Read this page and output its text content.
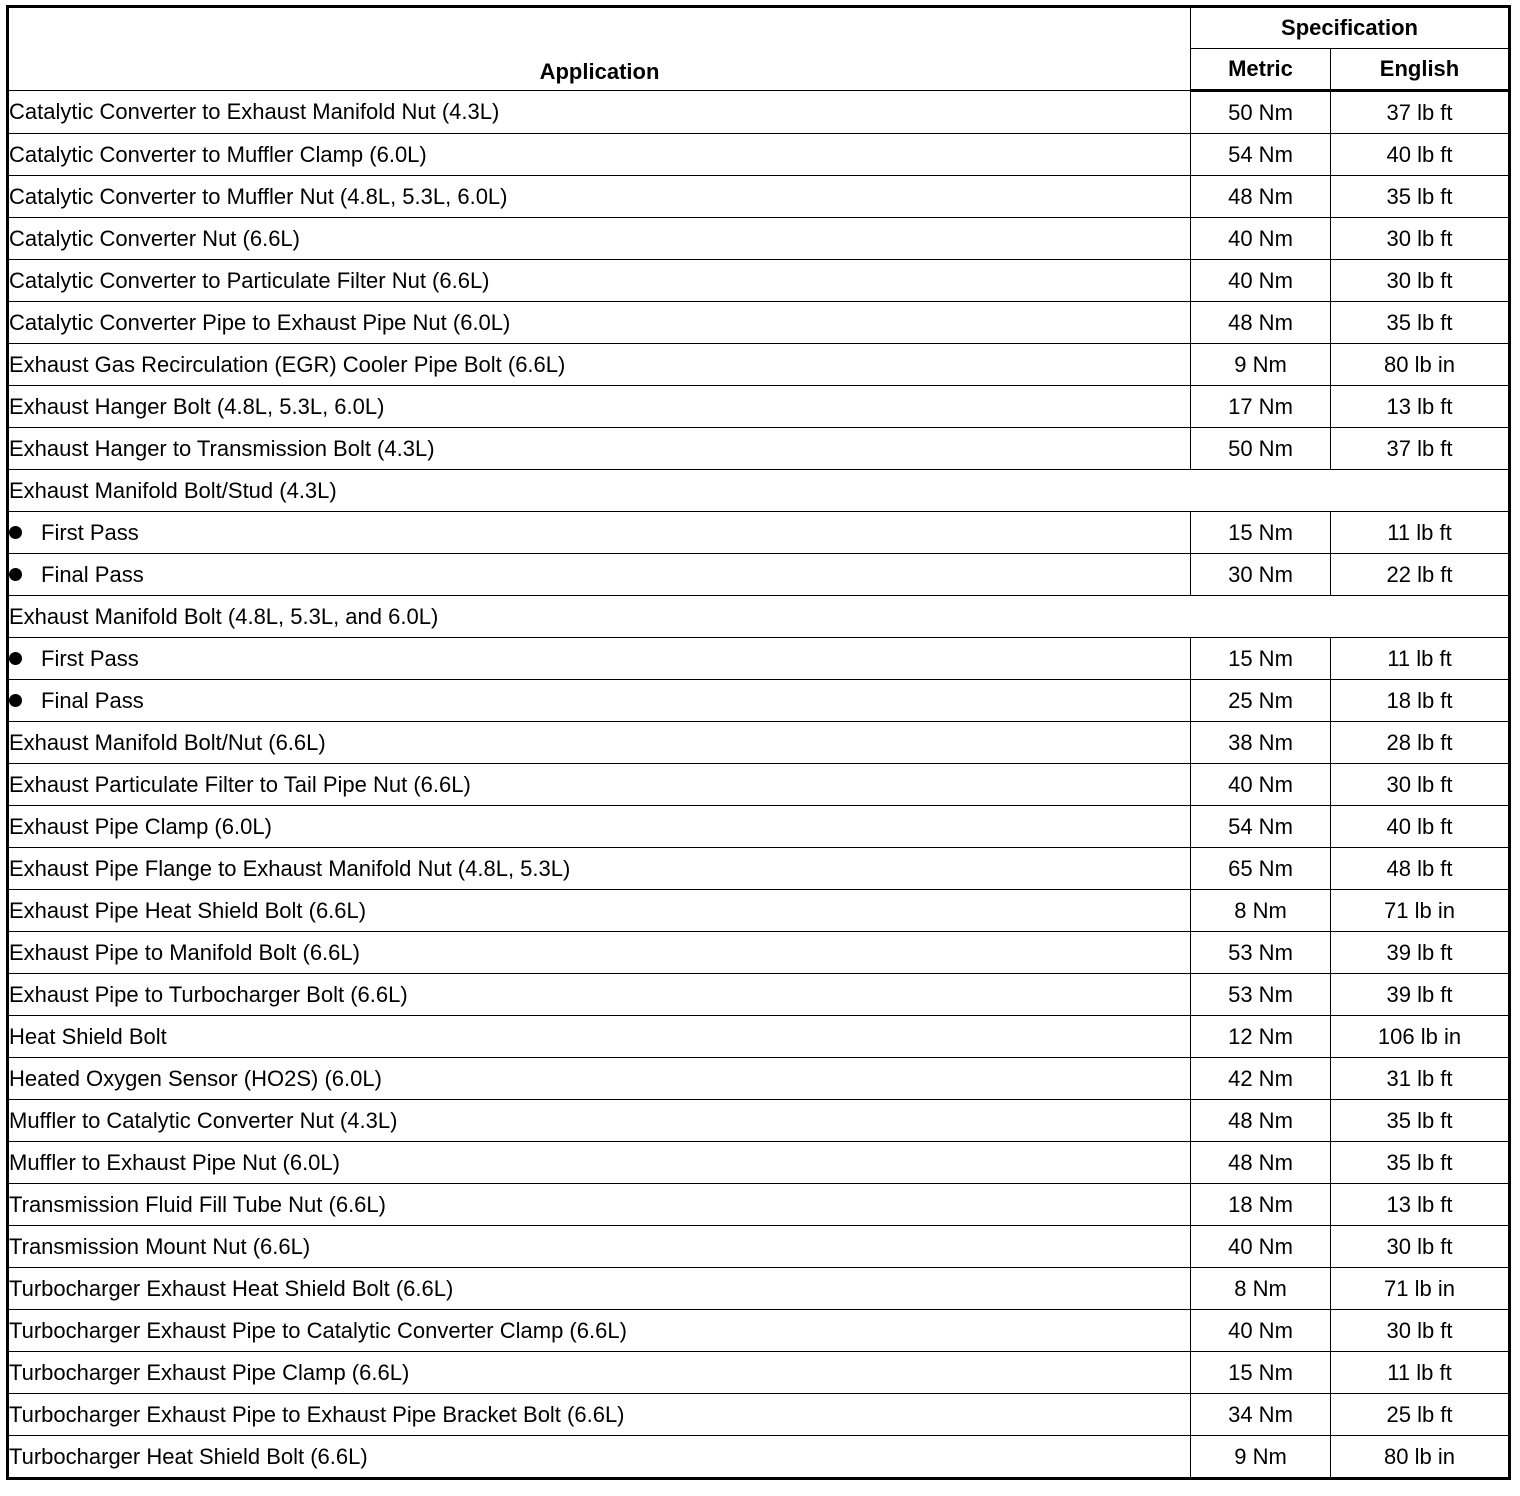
Application	Specification	
	Metric	English
Catalytic Converter to Exhaust Manifold Nut (4.3L)	50 Nm	37 lb ft
Catalytic Converter to Muffler Clamp (6.0L)	54 Nm	40 lb ft
Catalytic Converter to Muffler Nut (4.8L, 5.3L, 6.0L)	48 Nm	35 lb ft
Catalytic Converter Nut (6.6L)	40 Nm	30 lb ft
Catalytic Converter to Particulate Filter Nut (6.6L)	40 Nm	30 lb ft
Catalytic Converter Pipe to Exhaust Pipe Nut (6.0L)	48 Nm	35 lb ft
Exhaust Gas Recirculation (EGR) Cooler Pipe Bolt (6.6L)	9 Nm	80 lb in
Exhaust Hanger Bolt (4.8L, 5.3L, 6.0L)	17 Nm	13 lb ft
Exhaust Hanger to Transmission Bolt (4.3L)	50 Nm	37 lb ft
Exhaust Manifold Bolt/Stud (4.3L)		
First Pass	15 Nm	11 lb ft
Final Pass	30 Nm	22 lb ft
Exhaust Manifold Bolt (4.8L, 5.3L, and 6.0L)		
First Pass	15 Nm	11 lb ft
Final Pass	25 Nm	18 lb ft
Exhaust Manifold Bolt/Nut (6.6L)	38 Nm	28 lb ft
Exhaust Particulate Filter to Tail Pipe Nut (6.6L)	40 Nm	30 lb ft
Exhaust Pipe Clamp (6.0L)	54 Nm	40 lb ft
Exhaust Pipe Flange to Exhaust Manifold Nut (4.8L, 5.3L)	65 Nm	48 lb ft
Exhaust Pipe Heat Shield Bolt (6.6L)	8 Nm	71 lb in
Exhaust Pipe to Manifold Bolt (6.6L)	53 Nm	39 lb ft
Exhaust Pipe to Turbocharger Bolt (6.6L)	53 Nm	39 lb ft
Heat Shield Bolt	12 Nm	106 lb in
Heated Oxygen Sensor (HO2S) (6.0L)	42 Nm	31 lb ft
Muffler to Catalytic Converter Nut (4.3L)	48 Nm	35 lb ft
Muffler to Exhaust Pipe Nut (6.0L)	48 Nm	35 lb ft
Transmission Fluid Fill Tube Nut (6.6L)	18 Nm	13 lb ft
Transmission Mount Nut (6.6L)	40 Nm	30 lb ft
Turbocharger Exhaust Heat Shield Bolt (6.6L)	8 Nm	71 lb in
Turbocharger Exhaust Pipe to Catalytic Converter Clamp (6.6L)	40 Nm	30 lb ft
Turbocharger Exhaust Pipe Clamp (6.6L)	15 Nm	11 lb ft
Turbocharger Exhaust Pipe to Exhaust Pipe Bracket Bolt (6.6L)	34 Nm	25 lb ft
Turbocharger Heat Shield Bolt (6.6L)	9 Nm	80 lb in
